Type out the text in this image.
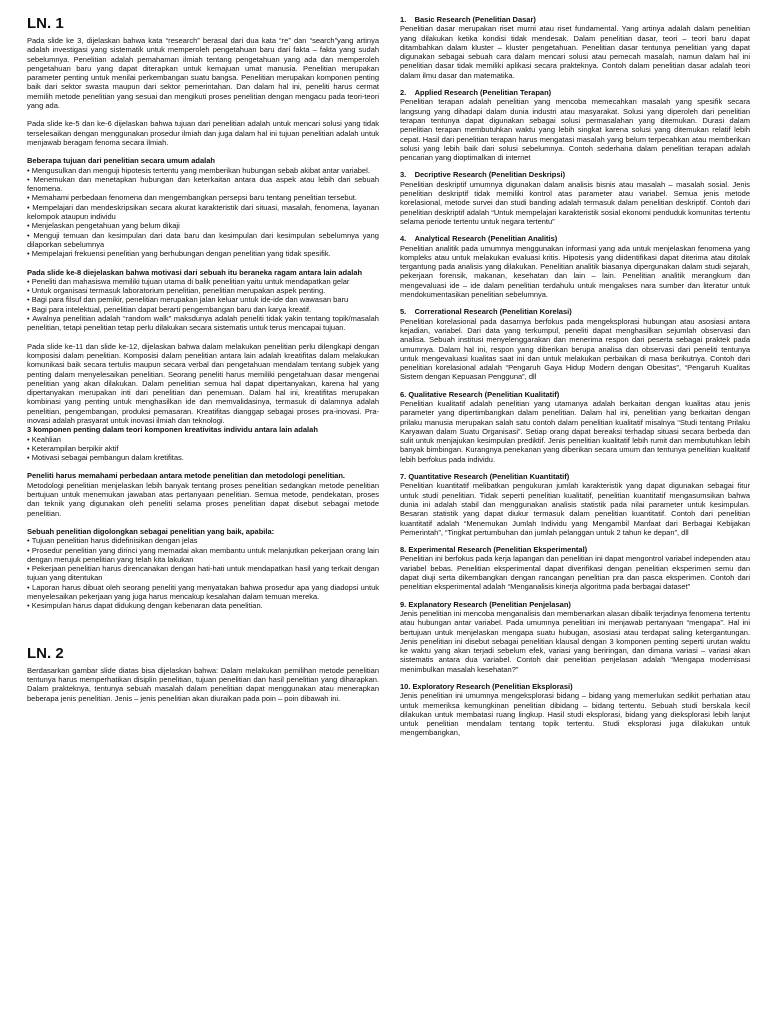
LN. 1

Pada slide ke 3, dijelaskan bahwa kata “research” berasal dari dua kata “re” dan “search”yang artinya adalah investigasi yang sistematik untuk memperoleh pengetahuan baru dari fakta – fakta yang sudah sebelumnya. Penelitian adalah pemahaman ilmiah tentang pengetahuan yang ada dan memperoleh pengetahuan baru yang dapat diterapkan untuk kemajuan umat manusia. Penelitian merupakan parameter penting untuk menilai perkembangan suatu bangsa. Penelitian merupakan komponen penting baik dari sektor swasta maupun dari sektor pemerintahan. Dan dalam hal ini, peneliti harus cermat memilih metode penelitian yang sesuai dan mengikuti proses penelitian dengan mengacu pada teori-teori yang ada.

Pada slide ke-5 dan ke-6 dijelaskan bahwa tujuan dari penelitian adalah untuk mencari solusi yang tidak terselesaikan dengan menggunakan prosedur ilmiah dan juga dalam hal ini tujuan penelitian adalah untuk menjawab beragam fenoma secara ilmiah.

Beberapa tujuan dari penelitian secara umum adalah
• Mengusulkan dan menguji hipotesis tertentu yang memberikan hubungan sebab akibat antar variabel.
• Menemukan dan menetapkan hubungan dan keterkaitan antara dua aspek atau lebih dari sebuah fenomena.
• Memahami perbedaan fenomena dan mengembangkan persepsi baru tentang penelitian tersebut.
• Mempelajari dan mendeskripsikan secara akurat karakteristik dari situasi, masalah, fenomena, layanan kelompok ataupun individu
• Menjelaskan pengetahuan yang belum dikaji
• Menguji temuan dan kesimpulan dari data baru dan kesimpulan dari kesimpulan sebelumnya yang dilaporkan sebelumnya
• Mempelajari frekuensi penelitian yang berhubungan dengan penelitian yang tidak spesifik.
Pada slide ke-8 diejelaskan bahwa motivasi dari sebuah itu beraneka ragam antara lain adalah
• Peneliti dan mahasiswa memiliki tujuan utama di balik penelitian yaitu untuk mendapatkan gelar
• Untuk organisasi termasuk laboratorium penelitian, penelitian merupakan aspek penting.
• Bagi para filsuf dan pemikir, penelitian merupakan jalan keluar untuk ide-ide dan wawasan baru
• Bagi para intelektual, penelitian dapat berarti pengembangan baru dan karya kreatif.
• Awalnya penelitian adalah “random walk” maksdunya adalah peneliti tidak yakin tentang topik/masalah penelitian, tetapi penelitian tetap perlu dilakukan secara sistematis untuk terus mencapai tujuan.

Pada slide ke-11 dan slide ke-12, dijelaskan bahwa dalam melakukan penelitian perlu dilengkapi dengan komposisi dalam penelitian. Komposisi dalam penelitian antara lain adalah kreatifitas dalam melakukan komunikasi baik secara tertulis maupun secara verbal dan pengetahuan mendalam tentang subjek yang penting dalam menyelesaikan penelitian. Seorang peneliti harus memiliki pengetahuan dasar mengenai penelitian yang akan dilakukan. Dalam penelitian semua hal dapat dipertanyakan, karena hal yang dipertanyakan merupakan inti dari penelitian dan penemuan. Dalam hal ini, kreatifitas merupakan kombinasi yang penting untuk menghasilkan ide dan memvalidasinya, termasuk di dalamnya adalah penelitian, pengembangan, produksi pemasaran. Kreatifitas dianggap sebagai proses pra-inovasi. Pra- inovasi adalah prasyarat untuk inovasi ilmiah dan teknologi.

3 komponen penting dalam teori komponen kreativitas individu antara lain adalah
• Keahlian
• Keterampilan berpikir aktif
• Motivasi sebagai pembangun dalam kretifitas.
Peneliti harus memahami perbedaan antara metode penelitian dan metodologi penelitian.

Metodologi penelitian menjelaskan lebih banyak tentang proses penelitian sedangkan metode penelitian bertujuan untuk menemukan jawaban atas pertanyaan penelitian. Semua metode, pendekatan, proses dan teknik yang digunakan oleh peneliti selama proses penelitian dapat disebut sebagai metode penelitian.

Sebuah penelitian digolongkan sebagai penelitian yang baik, apabila:
• Tujuan penelitian harus didefinisikan dengan jelas
• Prosedur penelitian yang dirinci yang memadai akan membantu untuk melanjutkan pekerjaan orang lain dengan merujuk penelitian yang telah kita lakukan
• Pekerjaan penelitian harus direncanakan dengan hati-hati untuk mendapatkan hasil yang terkait dengan tujuan yang ditentukan
• Laporan harus dibuat oleh seorang peneliti yang menyatakan bahwa prosedur apa yang diadopsi untuk menyelesaikan pekerjaan yang juga harus mencakup kesalahan dalam temuan mereka.
• Kesimpulan harus dapat didukung dengan kebenaran data penelitian.
LN. 2

Berdasarkan gambar slide diatas bisa dijelaskan bahwa: Dalam melakukan pemilihan metode penelitian tentunya harus memperhatikan disiplin penelitian, tujuan penelitian dan hasil penelitian yang diharapkan. Dalam prakteknya, tentunya sebuah masalah dalam penelitian dapat menggunakan atau menerapkan beberapa jenis penelitian. Jenis – jenis penelitian akan diuraikan pada poin – poin dibawah ini.

1.    Basic Research (Penelitian Dasar)
Penelitian dasar merupakan riset murni atau riset fundamental. Yang artinya adalah dalam penelitian yang dilakukan ketika kondisi tidak mendesak. Dalam penelitian dasar, teori – teori baru dapat ditambahkan dalam kluster – kluster pengetahuan. Penelitian dasar tentunya penelitian yang dapat digunakan sebagai sebuah cara dalam mencari solusi atau pemecah masalah, namun dalam hal ini penelitian dasar tidak memiliki aplikasi secara prakteknya. Contoh dalam penelitian dasar adalah teori dalam ilmu dasar dan matematika.
2.    Applied Research (Penelitian Terapan)
Penelitian terapan adalah penelitian yang mencoba memecahkan masalah yang spesifik secara langsung yang dihadapi dalam dunia industri atau masyarakat. Solusi yang diperoleh dari penelitian terapan tentunya dapat digunakan sebagai solusi permasalahan yang ditemukan. Durasi dalam penelitian terapan membutuhkan waktu yang lebih singkat karena solusi yang ditemukan relatif lebih cepat. Hasil dari penelitian terapan harus mengatasi masalah yang belum terpecahkan atau memberikan solusi yang lebih baik dari solusi sebelumnya. Contoh sederhana dalam penelitian terapan adalah pencarian yang dioptimalkan di internet
3.    Decriptive Research (Penelitian Deskripsi)
Penelitian deskriptif umumnya digunakan dalam analisis bisnis atau masalah – masalah sosial. Jenis penelitian deskriptif tidak memiliki kontrol atas parameter atau variabel. Semua jenis metode korelasional, metode survei dan studi banding adalah termasuk dalam penelitian deskriptif. Contoh dari penelitian deskriptif adalah “Untuk mempelajari karakteristik sosial ekonomi penduduk komunitas tertentu selama periode tertentu untuk negara tertentu”
4.    Analytical Research (Penelitian Analitis)
Penelitian analitik pada umumnya menggunakan informasi yang ada untuk menjelaskan fenomena yang kompleks atau untuk melakukan evaluasi kritis. Hipotesis yang diidentifikasi dapat diterima atau ditolak tergantung pada analisis yang dilakukan. Penelitian analitik biasanya dipergunakan dalam studi sejarah, pekerjaan forensik, makanan, kesehatan dan lain – lain. Penelitian analitik merangkum dan mengevaluasi ide – ide dalam penelitian terdahulu untuk mengakses nara sumber dan literatur untuk mendokumentasikan penelitian sebelumnya.
5.    Correrational Research (Penelitian Korelasi)
Penelitian korelasional pada dasarnya berfokus pada mengeksplorasi hubungan atau asosiasi antara kejadian, variabel. Dari data yang terkumpul, peneliti dapat menghasilkan sejumlah observasi dan analisa. Sebuah institusi menyelenggarakan dan menerima respon dari peserta sebagai praktek pada umumnya. Dalam hal ini, respon yang diberikan berupa analisa dan observasi dari peneliti tentunya untuk mengevaluasi kualitas saat ini dan untuk melakukan perbaikan di masa berikutnya. Contoh dari penelitian korelasional adalah “Pengaruh Gaya Hidup Modern dengan Obesitas”, “Pengaruh Kualitas Sistem dengan Kepuasan Pengguna”, dll
6. Qualitative Research (Penelitian Kualitatif)
Penelitian kualitatif adalah penelitian yang utamanya adalah berkaitan dengan kualitas atau jenis parameter yang dipertimbangkan dalam penelitian. Dalam hal ini, penelitian yang berkaitan dengan prilaku manusia merupakan salah satu contoh dalam penelitian kualitatif misalnya “Studi tentang Prilaku Karyawan dalam Suatu Organisasi”. Setiap orang dapat bereaksi terhadap situasi secara berbeda dan sulit untuk menjajukan kesimpulan prediktif. Jenis penelitian kualitatif lebih rumit dan membutuhkan lebih banyak bimbingan. Kurangnya penekanan yang diberikan secara umum dan tentunya penelitian kualitatif lebih berfokus pada individu.
7. Quantitative Research (Penelitian Kuantitatif)
Penelitian kuantitatif melibatkan pengukuran jumlah karakteristik yang dapat digunakan sebagai fitur untuk studi penelitian. Tidak seperti penelitian kualitatif, penelitian kuantitatif mengasumsikan bahwa dunia ini adalah stabil dan menggunakan analisis statistik pada nilai parameter untuk kesimpulan. Besaran statistik yang dapat diukur termasuk dalam penelitian kuantitatif. Contoh dari penelitian kuantitatif adalah “Menemukan Jumlah Individu yang Mengambil Manfaat dari Berbagai Kebijakan Pemerintah”, “Tingkat pertumbuhan dan jumlah pelanggan untuk 2 tahun ke depan”, dll
8. Experimental Research (Penelitian Eksperimental)
Penelitian ini berfokus pada kerja lapangan dan penelitian ini dapat mengontrol variabel independen atau variabel bebas. Penelitian eksperimental dapat diverifikasi dengan penelitian eksperimen semu dan dapat diuji serta dikembangkan dengan rancangan penelitian pra dan pasca eksperimen. Contoh dari penelitian eksperimental adalah “Menganalisis kinerja algoritma pada berbagai dataset”
9. Explanatory Research (Penelitian Penjelasan)
Jenis penelitian ini mencoba menganalisis dan membenarkan alasan dibalik terjadinya fenomena tertentu atau hubungan antar variabel. Pada umumnya penelitian ini menjawab pertanyaan “mengapa”. Hal ini bertujuan untuk menjelaskan mengapa suatu hubugan, asosiasi atau terdapat saling ketergantungan. Jenis penelitian ini disebut sebagai penelitian klausal dengan 3 komponen penting seperti urutan waktu ke waktu yang akan terjadi sebelum efek, variasi yang beriringan, dan dimana variasi – variasi akan sistematis antara dua variabel. Contoh dair penelitian penjelasan adalah “Mengapa modernisasi menimbulkan masalah kesehatan?”
10. Exploratory Research (Penelitian Eksplorasi)
Jenis penelitian ini umumnya mengeksplorasi bidang – bidang yang memerlukan sedikit perhatian atau untuk memeriksa kemungkinan penelitian dibidang – bidang tertentu. Sebuah studi berskala kecil dilakukan untuk membatasi ruang lingkup. Hasil studi eksplorasi, bidang yang dieksplorasi lebih lanjut untuk penelitian mendalam tentang topik tertentu. Studi eksplorasi juga dilakukan untuk mengembangkan,
